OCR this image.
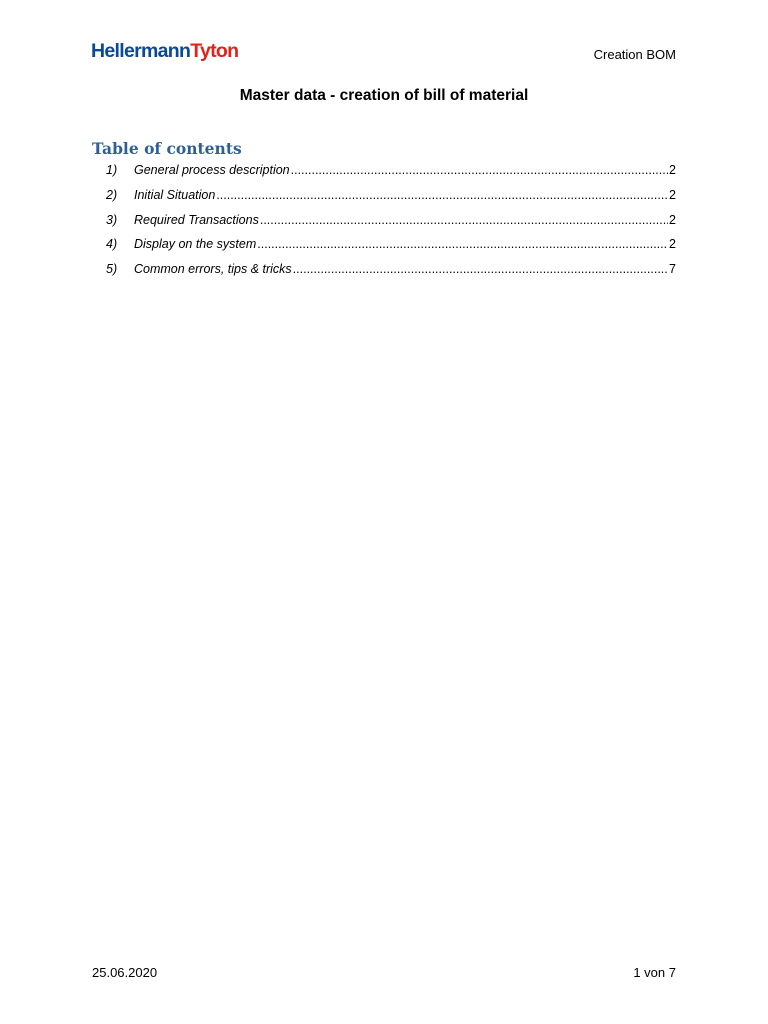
HellermannTyton	Creation BOM
Master data - creation of bill of material
Table of contents
1)	General process description .....	2
2)	Initial Situation .....	2
3)	Required Transactions .....	2
4)	Display on the system .....	2
5)	Common errors, tips & tricks .....	7
25.06.2020	1 von 7
